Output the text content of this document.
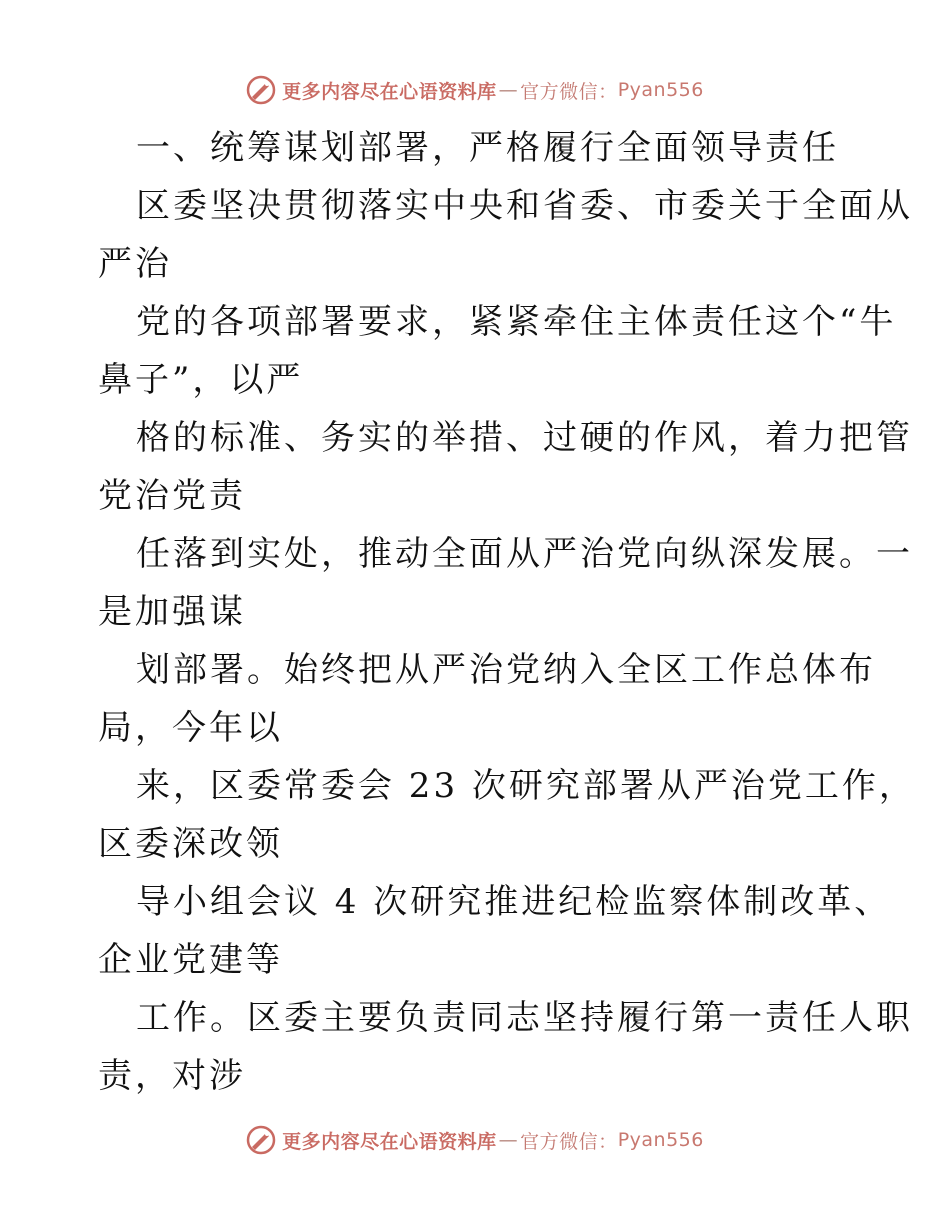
更多内容尽在心语资料库 — 官方微信： Pyan556
一、统筹谋划部署，严格履行全面领导责任
区委坚决贯彻落实中央和省委、市委关于全面从
严治
党的各项部署要求，紧紧牵住主体责任这个“牛
鼻子”，以严
格的标准、务实的举措、过硬的作风，着力把管
党治党责
任落到实处，推动全面从严治党向纵深发展。一
是加强谋
划部署。始终把从严治党纳入全区工作总体布
局，今年以
来，区委常委会 23 次研究部署从严治党工作，
区委深改领
导小组会议 4 次研究推进纪检监察体制改革、
企业党建等
工作。区委主要负责同志坚持履行第一责任人职
责，对涉
更多内容尽在心语资料库 — 官方微信： Pyan556
